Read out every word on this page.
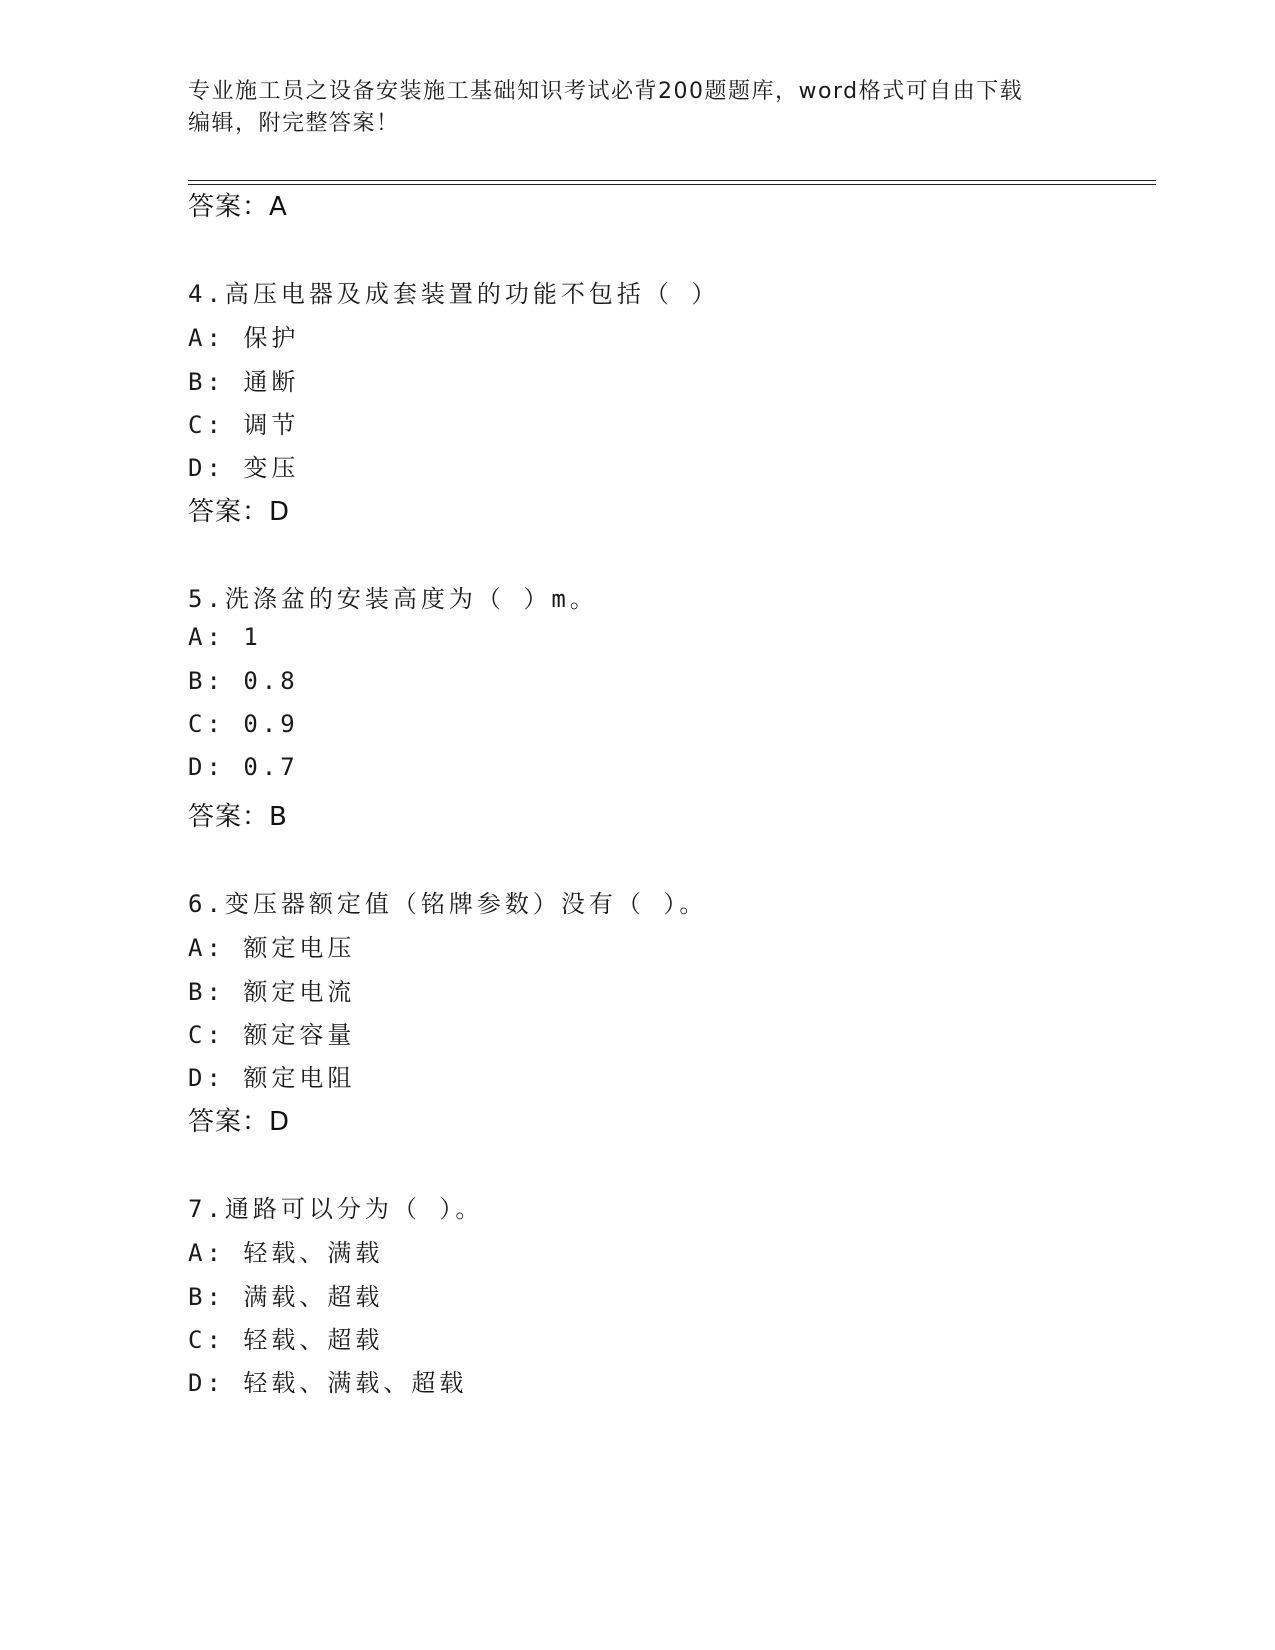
专业施工员之设备安装施工基础知识考试必背200题题库，word格式可自由下载
编辑，附完整答案！
答案：A
4.高压电器及成套装置的功能不包括（ ）
A: 保护
B: 通断
C: 调节
D: 变压
答案：D
5.洗涤盆的安装高度为（ ）m。
A: 1
B: 0.8
C: 0.9
D: 0.7
答案：B
6.变压器额定值（铭牌参数）没有（ ）。
A: 额定电压
B: 额定电流
C: 额定容量
D: 额定电阻
答案：D
7.通路可以分为（ ）。
A: 轻载、满载
B: 满载、超载
C: 轻载、超载
D: 轻载、满载、超载
